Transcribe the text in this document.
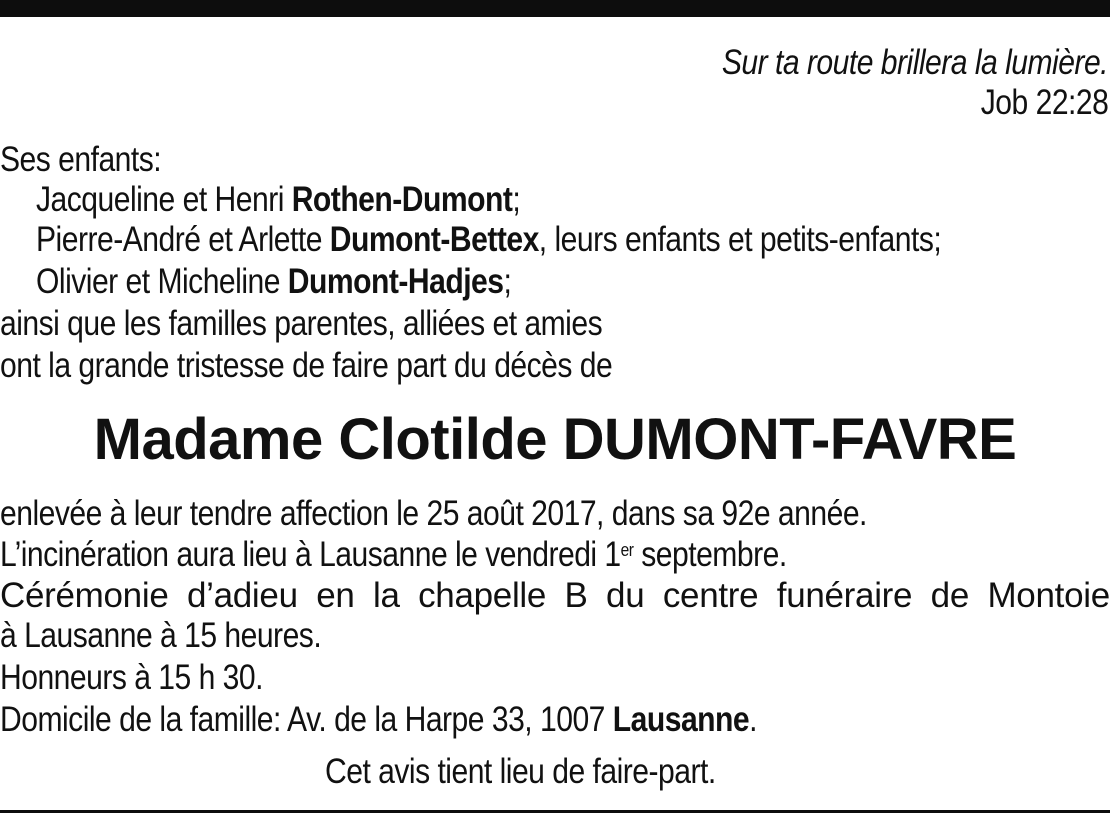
Sur ta route brillera la lumière.
Job 22:28
Ses enfants:
Jacqueline et Henri Rothen-Dumont;
Pierre-André et Arlette Dumont-Bettex, leurs enfants et petits-enfants;
Olivier et Micheline Dumont-Hadjes;
ainsi que les familles parentes, alliées et amies
ont la grande tristesse de faire part du décès de
Madame Clotilde DUMONT-FAVRE
enlevée à leur tendre affection le 25 août 2017, dans sa 92e année.
L’incinération aura lieu à Lausanne le vendredi 1er septembre.
Cérémonie d’adieu en la chapelle B du centre funéraire de Montoie
à Lausanne à 15 heures.
Honneurs à 15 h 30.
Domicile de la famille: Av. de la Harpe 33, 1007 Lausanne.
Cet avis tient lieu de faire-part.
